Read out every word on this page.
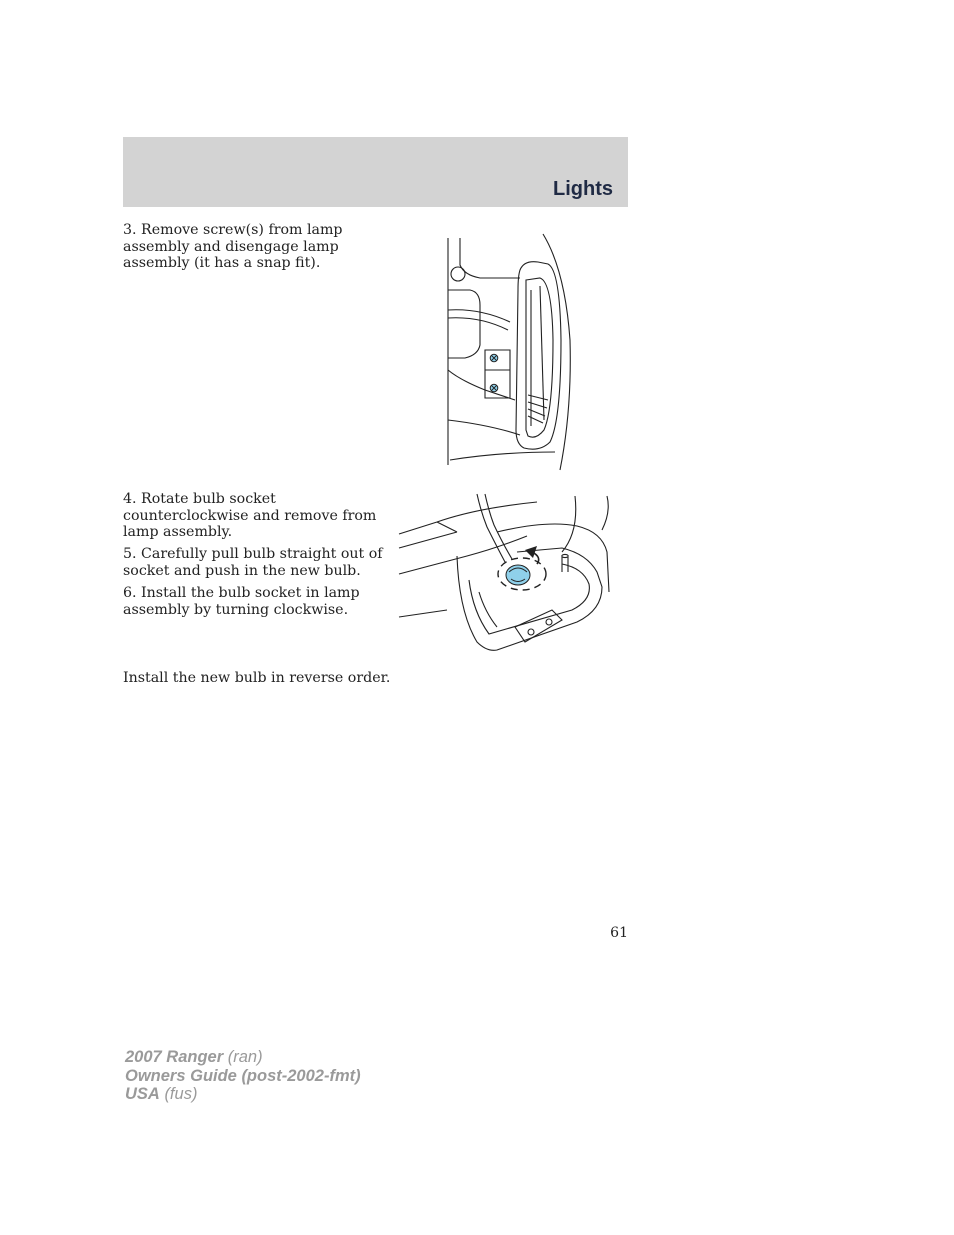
Lights

3. Remove screw(s) from lamp assembly and disengage lamp assembly (it has a snap fit).

4. Rotate bulb socket counterclockwise and remove from lamp assembly.

5. Carefully pull bulb straight out of socket and push in the new bulb.

6. Install the bulb socket in lamp assembly by turning clockwise.

Install the new bulb in reverse order.

61
2007 Ranger (ran)
Owners Guide (post-2002-fmt)
USA (fus)
